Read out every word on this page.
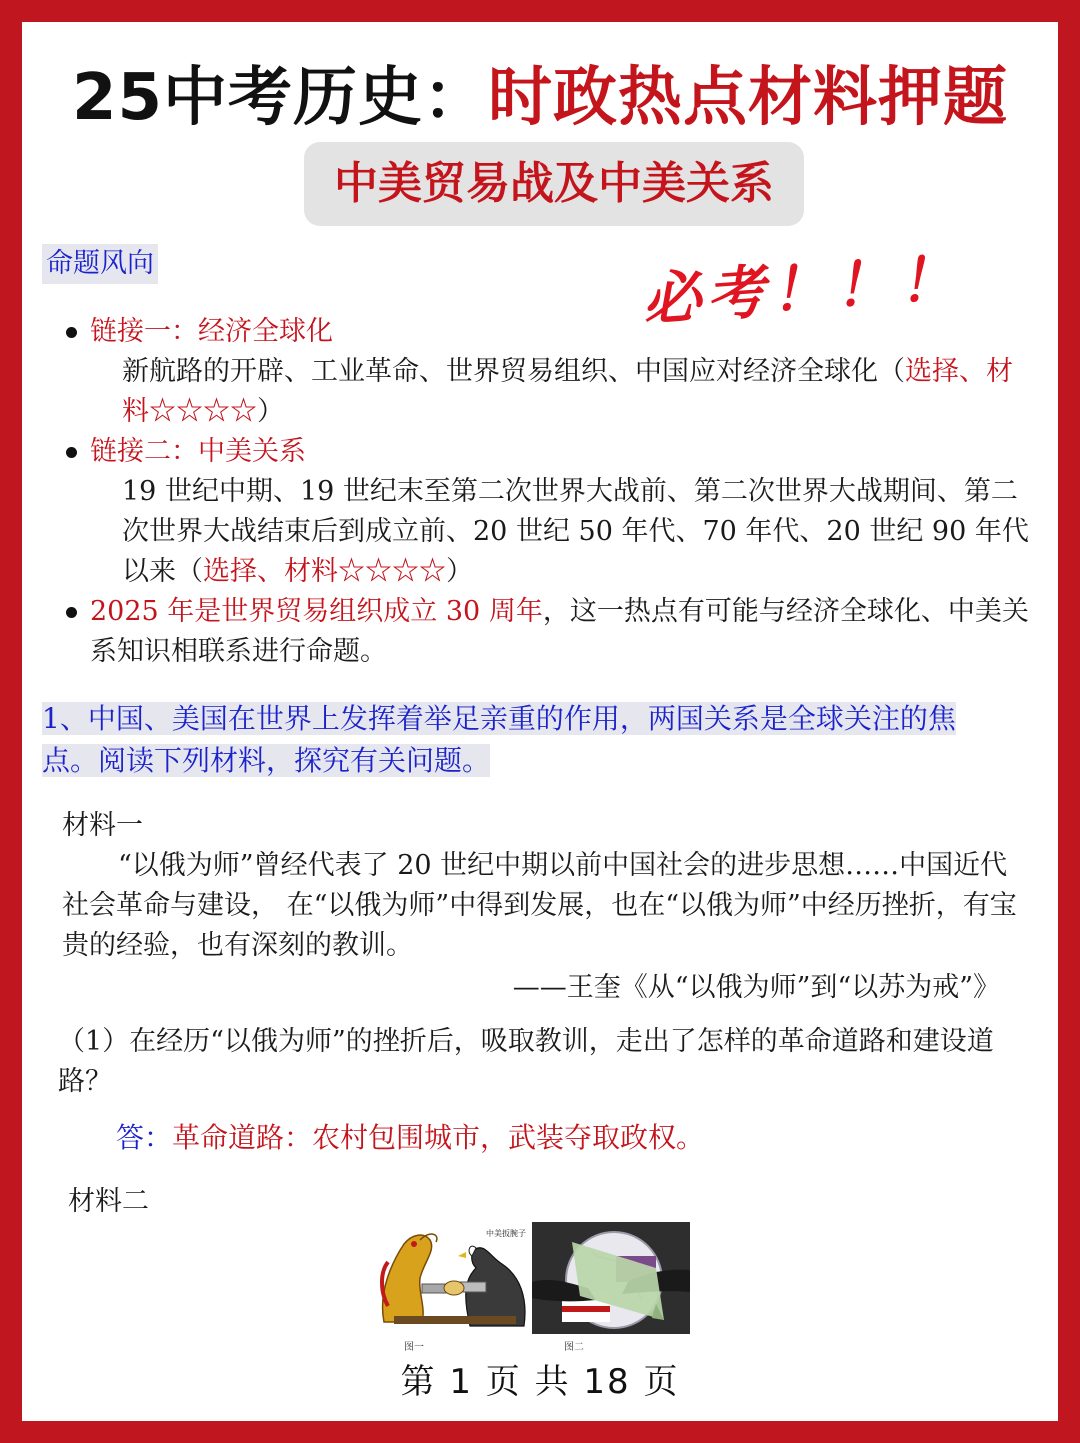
25中考历史：时政热点材料押题
中美贸易战及中美关系
命题风向	必考！！！
链接一：经济全球化
新航路的开辟、工业革命、世界贸易组织、中国应对经济全球化（选择、材料☆☆☆☆）
链接二：中美关系
19 世纪中期、19 世纪末至第二次世界大战前、第二次世界大战期间、第二次世界大战结束后到成立前、20 世纪 50 年代、70 年代、20 世纪 90 年代以来（选择、材料☆☆☆☆）
2025 年是世界贸易组织成立 30 周年，这一热点有可能与经济全球化、中美关系知识相联系进行命题。
1、中国、美国在世界上发挥着举足亲重的作用，两国关系是全球关注的焦点。阅读下列材料，探究有关问题。
材料一
“以俄为师”曾经代表了 20 世纪中期以前中国社会的进步思想……中国近代社会革命与建设， 在“以俄为师”中得到发展，也在“以俄为师”中经历挫折，有宝贵的经验，也有深刻的教训。
——王奎《从“以俄为师”到“以苏为戒”》
（1）在经历“以俄为师”的挫折后，吸取教训，走出了怎样的革命道路和建设道路？
答：革命道路：农村包围城市，武装夺取政权。
材料二
中美扳腕子
图一	图二
第 1 页 共 18 页
